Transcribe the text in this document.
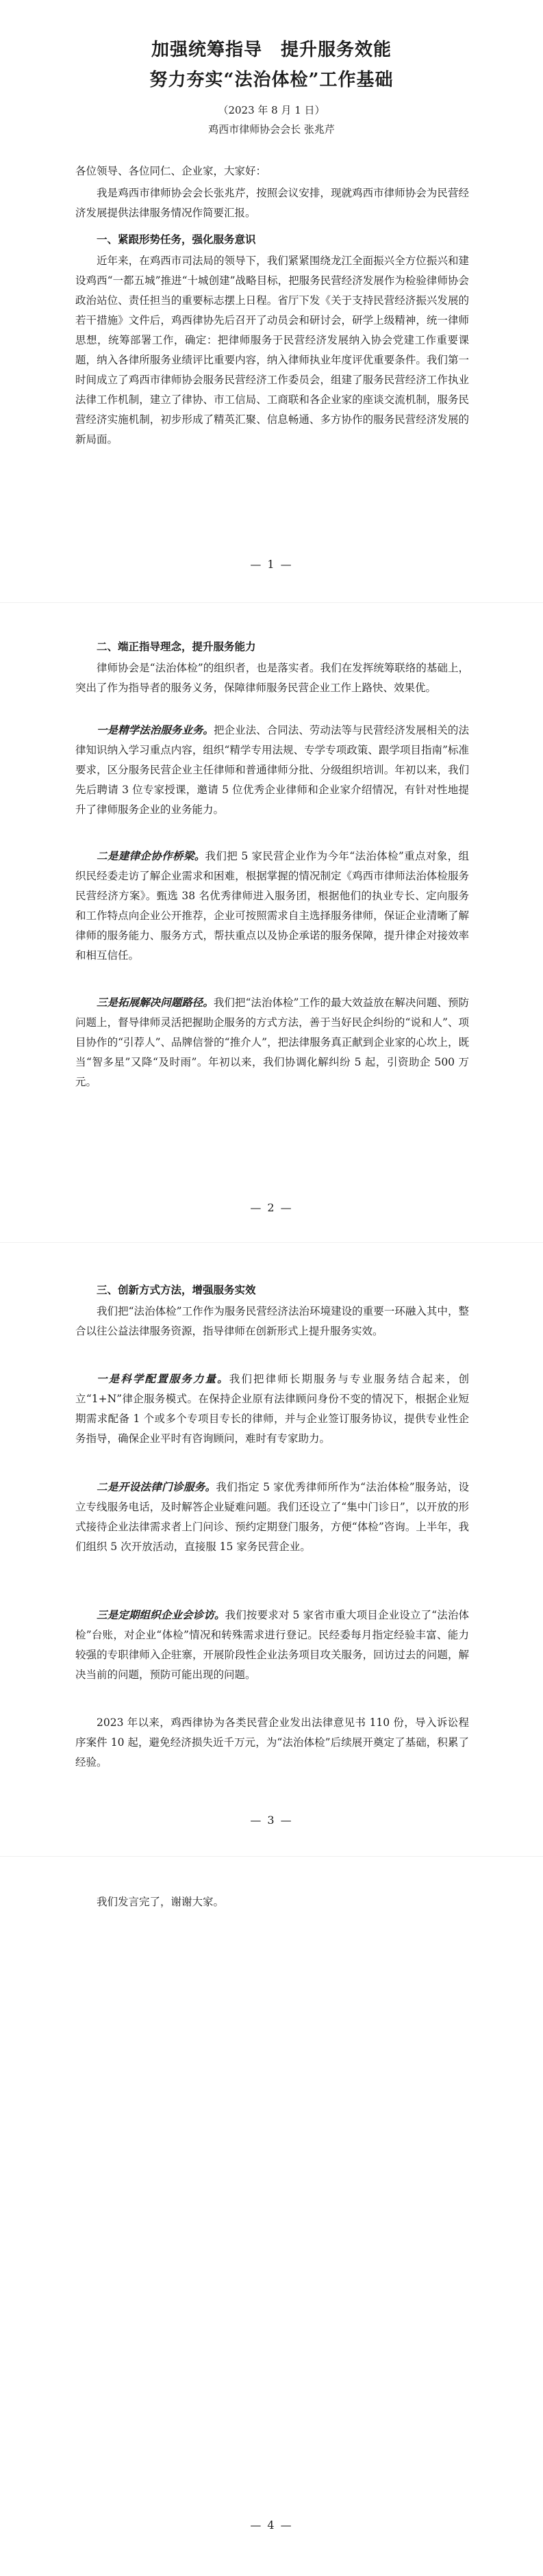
加强统筹指导　提升服务效能
努力夯实“法治体检”工作基础

（2023 年 8 月 1 日）

鸡西市律师协会会长 张兆芹

各位领导、各位同仁、企业家，大家好：

我是鸡西市律师协会会长张兆芹，按照会议安排，现就鸡西市律师协会为民营经济发展提供法律服务情况作简要汇报。

一、紧跟形势任务，强化服务意识

近年来，在鸡西市司法局的领导下，我们紧紧围绕龙江全面振兴全方位振兴和建设鸡西“一都五城”推进“十城创建”战略目标，把服务民营经济发展作为检验律师协会政治站位、责任担当的重要标志摆上日程。省厅下发《关于支持民营经济振兴发展的若干措施》文件后，鸡西律协先后召开了动员会和研讨会，研学上级精神，统一律师思想，统筹部署工作，确定：把律师服务于民营经济发展纳入协会党建工作重要课题，纳入各律所服务业绩评比重要内容，纳入律师执业年度评优重要条件。我们第一时间成立了鸡西市律师协会服务民营经济工作委员会，组建了服务民营经济工作执业法律工作机制，建立了律协、市工信局、工商联和各企业家的座谈交流机制，服务民营经济实施机制，初步形成了精英汇聚、信息畅通、多方协作的服务民营经济发展的新局面。

— 1 —

二、端正指导理念，提升服务能力

律师协会是“法治体检”的组织者，也是落实者。我们在发挥统筹联络的基础上，突出了作为指导者的服务义务，保障律师服务民营企业工作上路快、效果优。

一是精学法治服务业务。把企业法、合同法、劳动法等与民营经济发展相关的法律知识纳入学习重点内容，组织“精学专用法规、专学专项政策、跟学项目指南”标准要求，区分服务民营企业主任律师和普通律师分批、分级组织培训。年初以来，我们先后聘请 3 位专家授课，邀请 5 位优秀企业律师和企业家介绍情况，有针对性地提升了律师服务企业的业务能力。

二是建律企协作桥梁。我们把 5 家民营企业作为今年“法治体检”重点对象，组织民经委走访了解企业需求和困难，根据掌握的情况制定《鸡西市律师法治体检服务民营经济方案》。甄选 38 名优秀律师进入服务团，根据他们的执业专长、定向服务和工作特点向企业公开推荐，企业可按照需求自主选择服务律师，保证企业清晰了解律师的服务能力、服务方式，帮扶重点以及协企承诺的服务保障，提升律企对接效率和相互信任。

三是拓展解决问题路径。我们把“法治体检”工作的最大效益放在解决问题、预防问题上，督导律师灵活把握助企服务的方式方法，善于当好民企纠纷的“说和人”、项目协作的“引荐人”、品牌信誉的“推介人”，把法律服务真正献到企业家的心坎上，既当“智多星”又降“及时雨”。年初以来，我们协调化解纠纷 5 起，引资助企 500 万元。

— 2 —

三、创新方式方法，增强服务实效

我们把“法治体检”工作作为服务民营经济法治环境建设的重要一环融入其中，整合以往公益法律服务资源，指导律师在创新形式上提升服务实效。

一是科学配置服务力量。我们把律师长期服务与专业服务结合起来，创立“1+N”律企服务模式。在保持企业原有法律顾问身份不变的情况下，根据企业短期需求配备 1 个或多个专项目专长的律师，并与企业签订服务协议，提供专业性企务指导，确保企业平时有咨询顾问，难时有专家助力。

二是开设法律门诊服务。我们指定 5 家优秀律师所作为“法治体检”服务站，设立专线服务电话，及时解答企业疑难问题。我们还设立了“集中门诊日”，以开放的形式接待企业法律需求者上门问诊、预约定期登门服务，方便“体检”咨询。上半年，我们组织 5 次开放活动，直接服 15 家务民营企业。

三是定期组织企业会诊访。我们按要求对 5 家省市重大项目企业设立了“法治体检”台账，对企业“体检”情况和转殊需求进行登记。民经委每月指定经验丰富、能力较强的专职律师入企驻寨，开展阶段性企业法务项目攻关服务，回访过去的问题，解决当前的问题，预防可能出现的问题。

2023 年以来，鸡西律协为各类民营企业发出法律意见书 110 份，导入诉讼程序案件 10 起，避免经济损失近千万元，为“法治体检”后续展开奠定了基础，积累了经验。

— 3 —

我们发言完了，谢谢大家。

— 4 —
